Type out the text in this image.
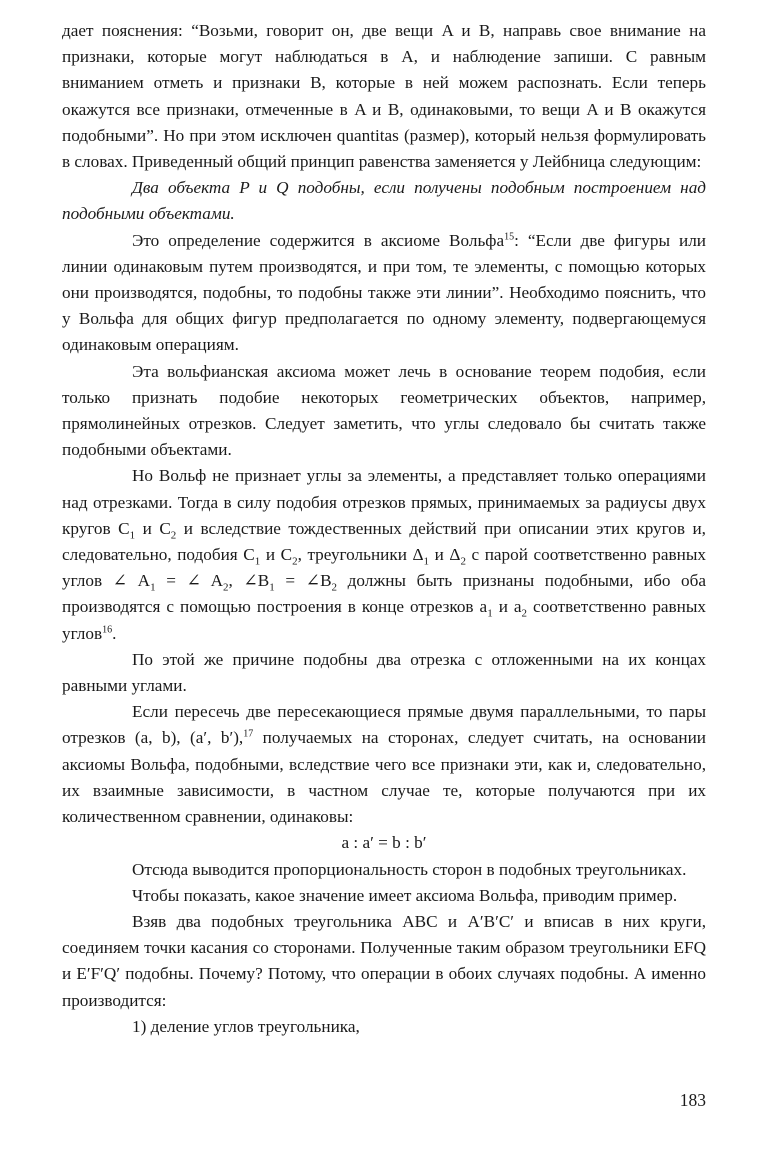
дает пояснения: “Возьми, говорит он, две вещи A и B, направь свое внимание на признаки, которые могут наблюдаться в A, и наблюдение запиши. С равным вниманием отметь и признаки B, которые в ней можем распознать. Если теперь окажутся все признаки, отмеченные в A и B, одинаковыми, то вещи A и B окажутся подобными”. Но при этом исключен quantitas (размер), который нельзя формулировать в словах. Приведенный общий принцип равенства заменяется у Лейбница следующим:

Два объекта P и Q подобны, если получены подобным построением над подобными объектами.

Это определение содержится в аксиоме Вольфа$^{15}$: “Если две фигуры или линии одинаковым путем производятся, и при том, те элементы, с помощью которых они производятся, подобны, то подобны также эти линии”. Необходимо пояснить, что у Вольфа для общих фигур предполагается по одному элементу, подвергающемуся одинаковым операциям.

Эта вольфианская аксиома может лечь в основание теорем подобия, если только признать подобие некоторых геометрических объектов, например, прямолинейных отрезков. Следует заметить, что углы следовало бы считать также подобными объектами.

Но Вольф не признает углы за элементы, а представляет только операциями над отрезками. Тогда в силу подобия отрезков прямых, принимаемых за радиусы двух кругов $C_1$ и $C_2$ и вследствие тождественных действий при описании этих кругов и, следовательно, подобия $C_1$ и $C_2$, треугольники $\Delta_1$ и $\Delta_2$ с парой соответственно равных углов ∠ $A_1$ = ∠ $A_2$, $\angle B_1$ = $\angle B_2$ должны быть признаны подобными, ибо оба производятся с помощью построения в конце отрезков $a_1$ и $a_2$ соответственно равных углов$^{16}$.

По этой же причине подобны два отрезка с отложенными на их концах равными углами.

Если пересечь две пересекающиеся прямые двумя параллельными, то пары отрезков (a, b), (a′, b′),$^{17}$ получаемых на сторонах, следует считать, на основании аксиомы Вольфа, подобными, вследствие чего все признаки эти, как и, следовательно, их взаимные зависимости, в частном случае те, которые получаются при их количественном сравнении, одинаковы:

a : a′ = b : b′

Отсюда выводится пропорциональность сторон в подобных треугольниках.

Чтобы показать, какое значение имеет аксиома Вольфа, приводим пример.

Взяв два подобных треугольника ABC и A′B′C′ и вписав в них круги, соединяем точки касания со сторонами. Полученные таким образом треугольники EFQ и E′F′Q′ подобны. Почему? Потому, что операции в обоих случаях подобны. А именно производится:

1) деление углов треугольника,

183
